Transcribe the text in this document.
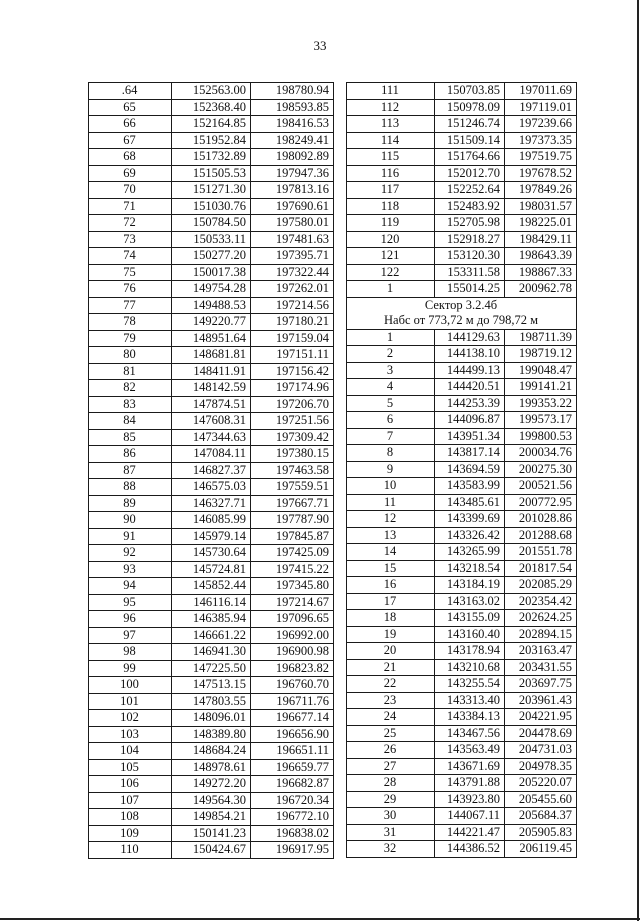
33
.64	152563.00	198780.94
65	152368.40	198593.85
66	152164.85	198416.53
67	151952.84	198249.41
68	151732.89	198092.89
69	151505.53	197947.36
70	151271.30	197813.16
71	151030.76	197690.61
72	150784.50	197580.01
73	150533.11	197481.63
74	150277.20	197395.71
75	150017.38	197322.44
76	149754.28	197262.01
77	149488.53	197214.56
78	149220.77	197180.21
79	148951.64	197159.04
80	148681.81	197151.11
81	148411.91	197156.42
82	148142.59	197174.96
83	147874.51	197206.70
84	147608.31	197251.56
85	147344.63	197309.42
86	147084.11	197380.15
87	146827.37	197463.58
88	146575.03	197559.51
89	146327.71	197667.71
90	146085.99	197787.90
91	145979.14	197845.87
92	145730.64	197425.09
93	145724.81	197415.22
94	145852.44	197345.80
95	146116.14	197214.67
96	146385.94	197096.65
97	146661.22	196992.00
98	146941.30	196900.98
99	147225.50	196823.82
100	147513.15	196760.70
101	147803.55	196711.76
102	148096.01	196677.14
103	148389.80	196656.90
104	148684.24	196651.11
105	148978.61	196659.77
106	149272.20	196682.87
107	149564.30	196720.34
108	149854.21	196772.10
109	150141.23	196838.02
110	150424.67	196917.95
111	150703.85	197011.69
112	150978.09	197119.01
113	151246.74	197239.66
114	151509.14	197373.35
115	151764.66	197519.75
116	152012.70	197678.52
117	152252.64	197849.26
118	152483.92	198031.57
119	152705.98	198225.01
120	152918.27	198429.11
121	153120.30	198643.39
122	153311.58	198867.33
1	155014.25	200962.78
Сектор 3.2.4б		
Набс от 773,72 м до 798,72 м		
1	144129.63	198711.39
2	144138.10	198719.12
3	144499.13	199048.47
4	144420.51	199141.21
5	144253.39	199353.22
6	144096.87	199573.17
7	143951.34	199800.53
8	143817.14	200034.76
9	143694.59	200275.30
10	143583.99	200521.56
11	143485.61	200772.95
12	143399.69	201028.86
13	143326.42	201288.68
14	143265.99	201551.78
15	143218.54	201817.54
16	143184.19	202085.29
17	143163.02	202354.42
18	143155.09	202624.25
19	143160.40	202894.15
20	143178.94	203163.47
21	143210.68	203431.55
22	143255.54	203697.75
23	143313.40	203961.43
24	143384.13	204221.95
25	143467.56	204478.69
26	143563.49	204731.03
27	143671.69	204978.35
28	143791.88	205220.07
29	143923.80	205455.60
30	144067.11	205684.37
31	144221.47	205905.83
32	144386.52	206119.45
